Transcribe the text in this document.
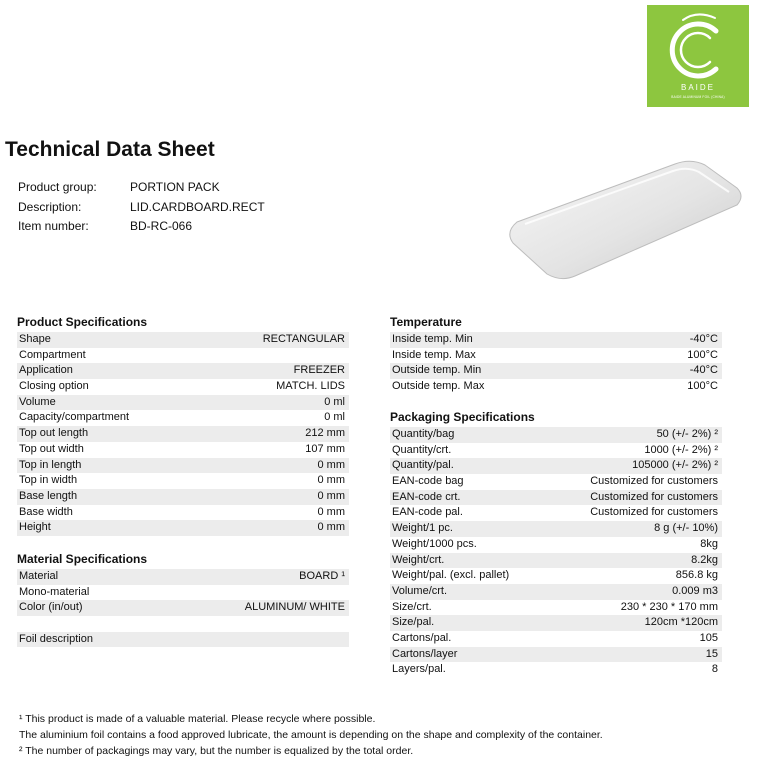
BAIDE
BAIDE ALUMINUM FOIL (CHINA)
Technical Data Sheet
Product group:	PORTION PACK
Description:	LID.CARDBOARD.RECT
Item number:	BD-RC-066
Product Specifications
Shape	RECTANGULAR
Compartment
Application	FREEZER
Closing option	MATCH. LIDS
Volume	0 ml
Capacity/compartment	0 ml
Top out length	212 mm
Top out width	107 mm
Top in length	0 mm
Top in width	0 mm
Base length	0 mm
Base width	0 mm
Height	0 mm
Material Specifications
Material	BOARD ¹
Mono-material
Color (in/out)	ALUMINUM/ WHITE
Foil description
Temperature
Inside temp. Min	-40°C
Inside temp. Max	100°C
Outside temp. Min	-40°C
Outside temp. Max	100°C
Packaging Specifications
Quantity/bag	50 (+/- 2%) ²
Quantity/crt.	1000 (+/- 2%) ²
Quantity/pal.	105000 (+/- 2%) ²
EAN-code bag	Customized for customers
EAN-code crt.	Customized for customers
EAN-code pal.	Customized for customers
Weight/1 pc.	8 g (+/- 10%)
Weight/1000 pcs.	8kg
Weight/crt.	8.2kg
Weight/pal. (excl. pallet)	856.8 kg
Volume/crt.	0.009 m3
Size/crt.	230 * 230 * 170 mm
Size/pal.	120cm *120cm
Cartons/pal.	105
Cartons/layer	15
Layers/pal.	8
¹ This product is made of a valuable material. Please recycle where possible.
The aluminium foil contains a food approved lubricate, the amount is depending on the shape and complexity of the container.
² The number of packagings may vary, but the number is equalized by the total order.
